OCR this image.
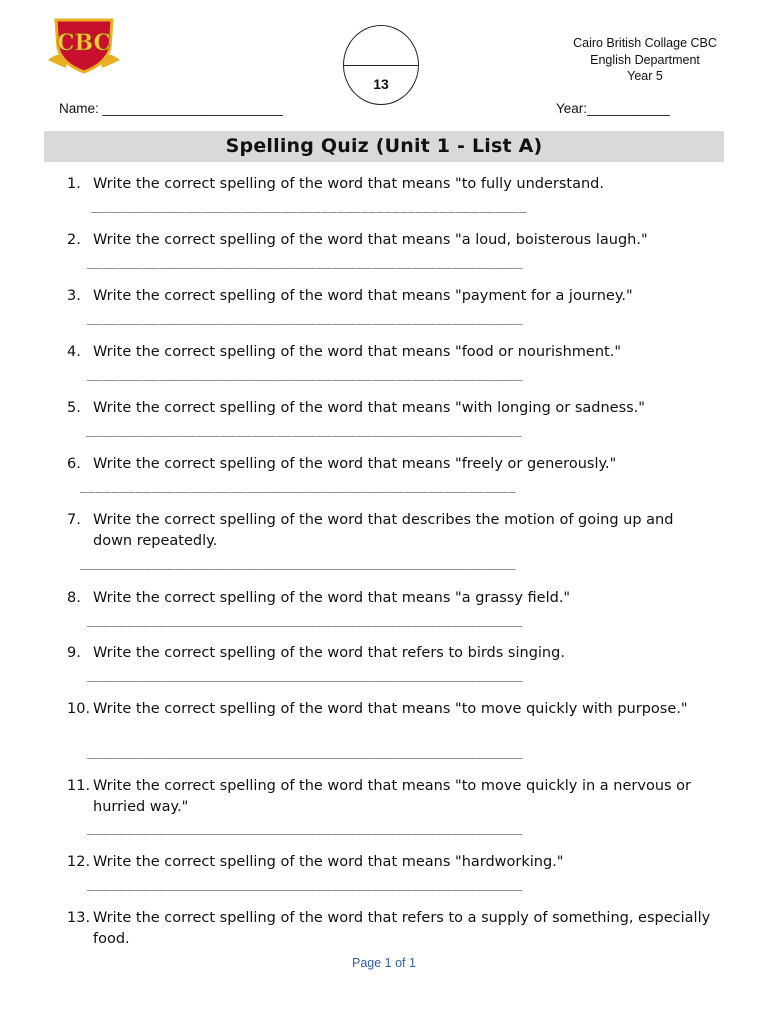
CBC
13
Cairo British Collage CBC
English Department
Year 5
Name: ________________________	Year:___________
Spelling Quiz (Unit 1 - List A)
1. Write the correct spelling of the word that means "to fully understand.
_______________________________________________________
2. Write the correct spelling of the word that means "a loud, boisterous laugh."
_______________________________________________________
3. Write the correct spelling of the word that means "payment for a journey."
_______________________________________________________
4. Write the correct spelling of the word that means "food or nourishment."
_______________________________________________________
5. Write the correct spelling of the word that means "with longing or sadness."
_______________________________________________________
6. Write the correct spelling of the word that means "freely or generously."
_______________________________________________________
7. Write the correct spelling of the word that describes the motion of going up and down repeatedly.
_______________________________________________________
8. Write the correct spelling of the word that means "a grassy field."
_______________________________________________________
9. Write the correct spelling of the word that refers to birds singing.
_______________________________________________________
10. Write the correct spelling of the word that means "to move quickly with purpose."
_______________________________________________________
11. Write the correct spelling of the word that means "to move quickly in a nervous or hurried way."
_______________________________________________________
12. Write the correct spelling of the word that means "hardworking."
_______________________________________________________
13. Write the correct spelling of the word that refers to a supply of something, especially food.
Page 1 of 1
